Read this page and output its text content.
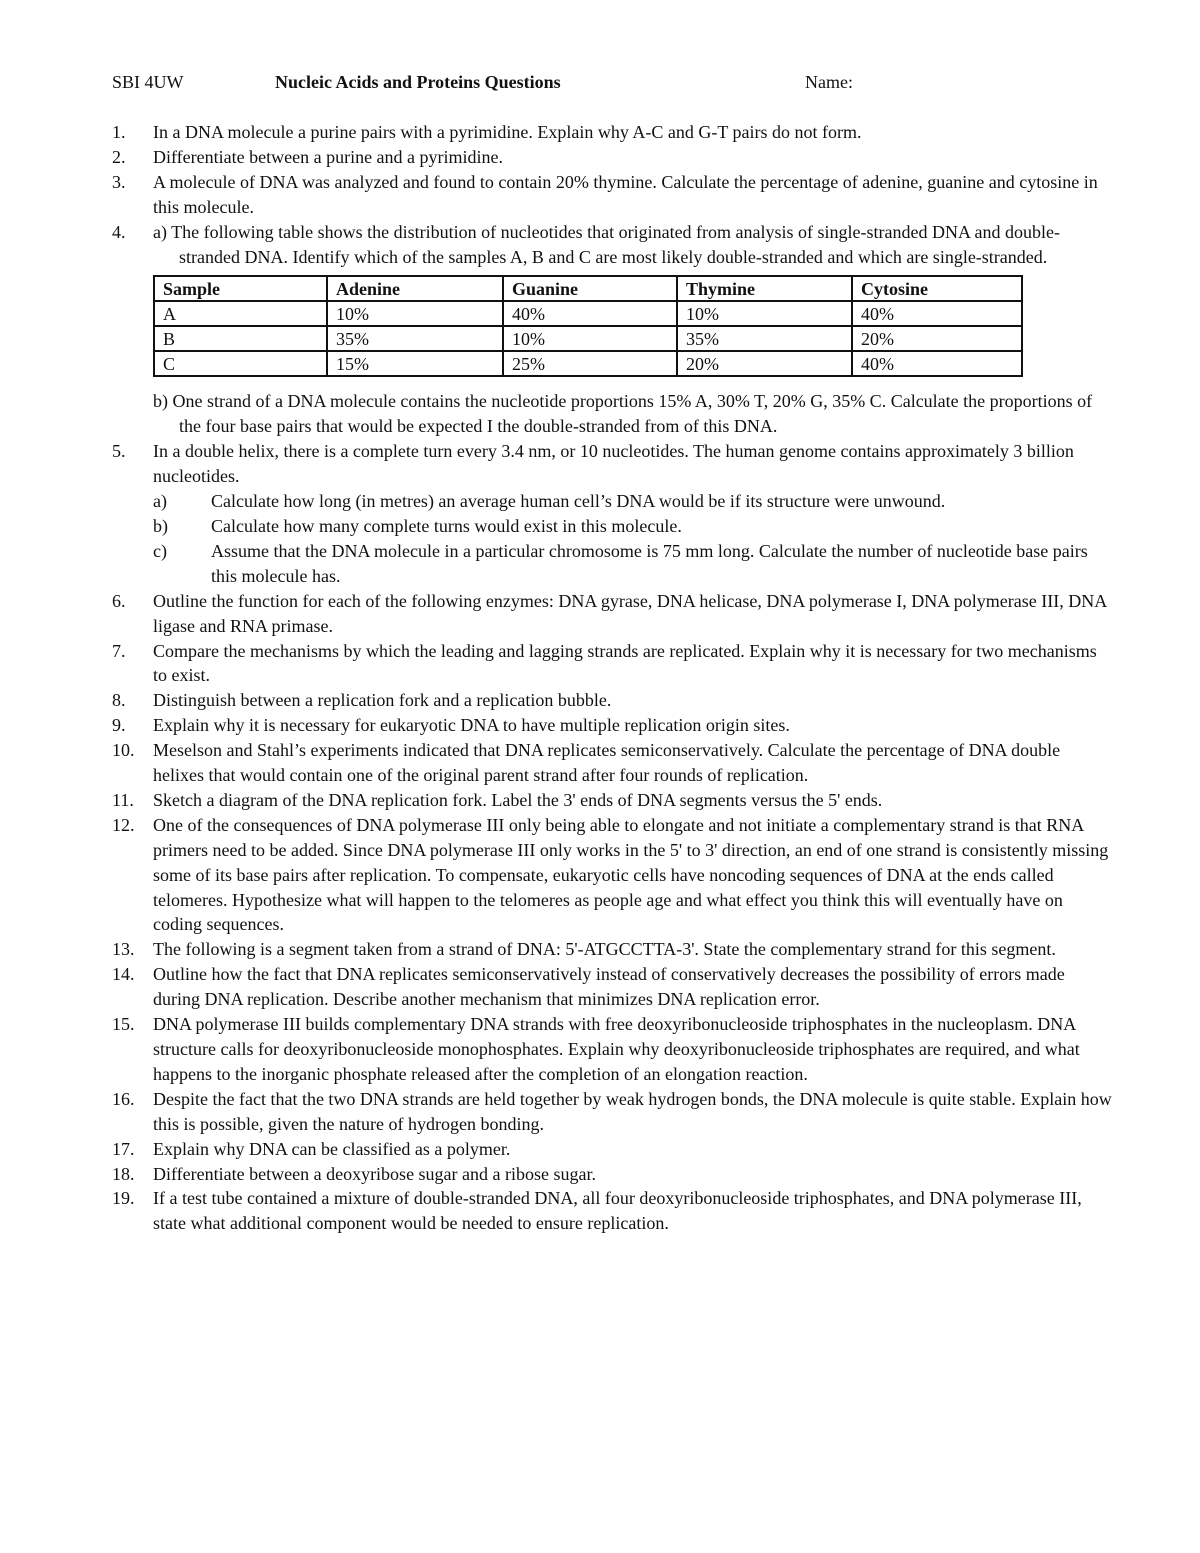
SBI 4UW	Nucleic Acids and Proteins Questions	Name:
1.	In a DNA molecule a purine pairs with a pyrimidine. Explain why A-C and G-T pairs do not form.
2.	Differentiate between a purine and a pyrimidine.
3.	A molecule of DNA was analyzed and found to contain 20% thymine. Calculate the percentage of adenine, guanine and cytosine in this molecule.
4.	a) The following table shows the distribution of nucleotides that originated from analysis of single-stranded DNA and double-stranded DNA. Identify which of the samples A, B and C are most likely double-stranded and which are single-stranded.
Sample	Adenine	Guanine	Thymine	Cytosine
A	10%	40%	10%	40%
B	35%	10%	35%	20%
C	15%	25%	20%	40%
b) One strand of a DNA molecule contains the nucleotide proportions 15% A, 30% T, 20% G, 35% C. Calculate the proportions of the four base pairs that would be expected I the double-stranded from of this DNA.
5.	In a double helix, there is a complete turn every 3.4 nm, or 10 nucleotides. The human genome contains approximately 3 billion nucleotides.
a) Calculate how long (in metres) an average human cell’s DNA would be if its structure were unwound.
b) Calculate how many complete turns would exist in this molecule.
c) Assume that the DNA molecule in a particular chromosome is 75 mm long. Calculate the number of nucleotide base pairs this molecule has.
6.	Outline the function for each of the following enzymes: DNA gyrase, DNA helicase, DNA polymerase I, DNA polymerase III, DNA ligase and RNA primase.
7.	Compare the mechanisms by which the leading and lagging strands are replicated. Explain why it is necessary for two mechanisms to exist.
8.	Distinguish between a replication fork and a replication bubble.
9.	Explain why it is necessary for eukaryotic DNA to have multiple replication origin sites.
10.	Meselson and Stahl’s experiments indicated that DNA replicates semiconservatively. Calculate the percentage of DNA double helixes that would contain one of the original parent strand after four rounds of replication.
11.	Sketch a diagram of the DNA replication fork. Label the 3' ends of DNA segments versus the 5' ends.
12.	One of the consequences of DNA polymerase III only being able to elongate and not initiate a complementary strand is that RNA primers need to be added. Since DNA polymerase III only works in the 5' to 3' direction, an end of one strand is consistently missing some of its base pairs after replication. To compensate, eukaryotic cells have noncoding sequences of DNA at the ends called telomeres. Hypothesize what will happen to the telomeres as people age and what effect you think this will eventually have on coding sequences.
13.	The following is a segment taken from a strand of DNA: 5'-ATGCCTTA-3'. State the complementary strand for this segment.
14.	Outline how the fact that DNA replicates semiconservatively instead of conservatively decreases the possibility of errors made during DNA replication. Describe another mechanism that minimizes DNA replication error.
15.	DNA polymerase III builds complementary DNA strands with free deoxyribonucleoside triphosphates in the nucleoplasm. DNA structure calls for deoxyribonucleoside monophosphates. Explain why deoxyribonucleoside triphosphates are required, and what happens to the inorganic phosphate released after the completion of an elongation reaction.
16.	Despite the fact that the two DNA strands are held together by weak hydrogen bonds, the DNA molecule is quite stable. Explain how this is possible, given the nature of hydrogen bonding.
17.	Explain why DNA can be classified as a polymer.
18.	Differentiate between a deoxyribose sugar and a ribose sugar.
19.	If a test tube contained a mixture of double-stranded DNA, all four deoxyribonucleoside triphosphates, and DNA polymerase III, state what additional component would be needed to ensure replication.
